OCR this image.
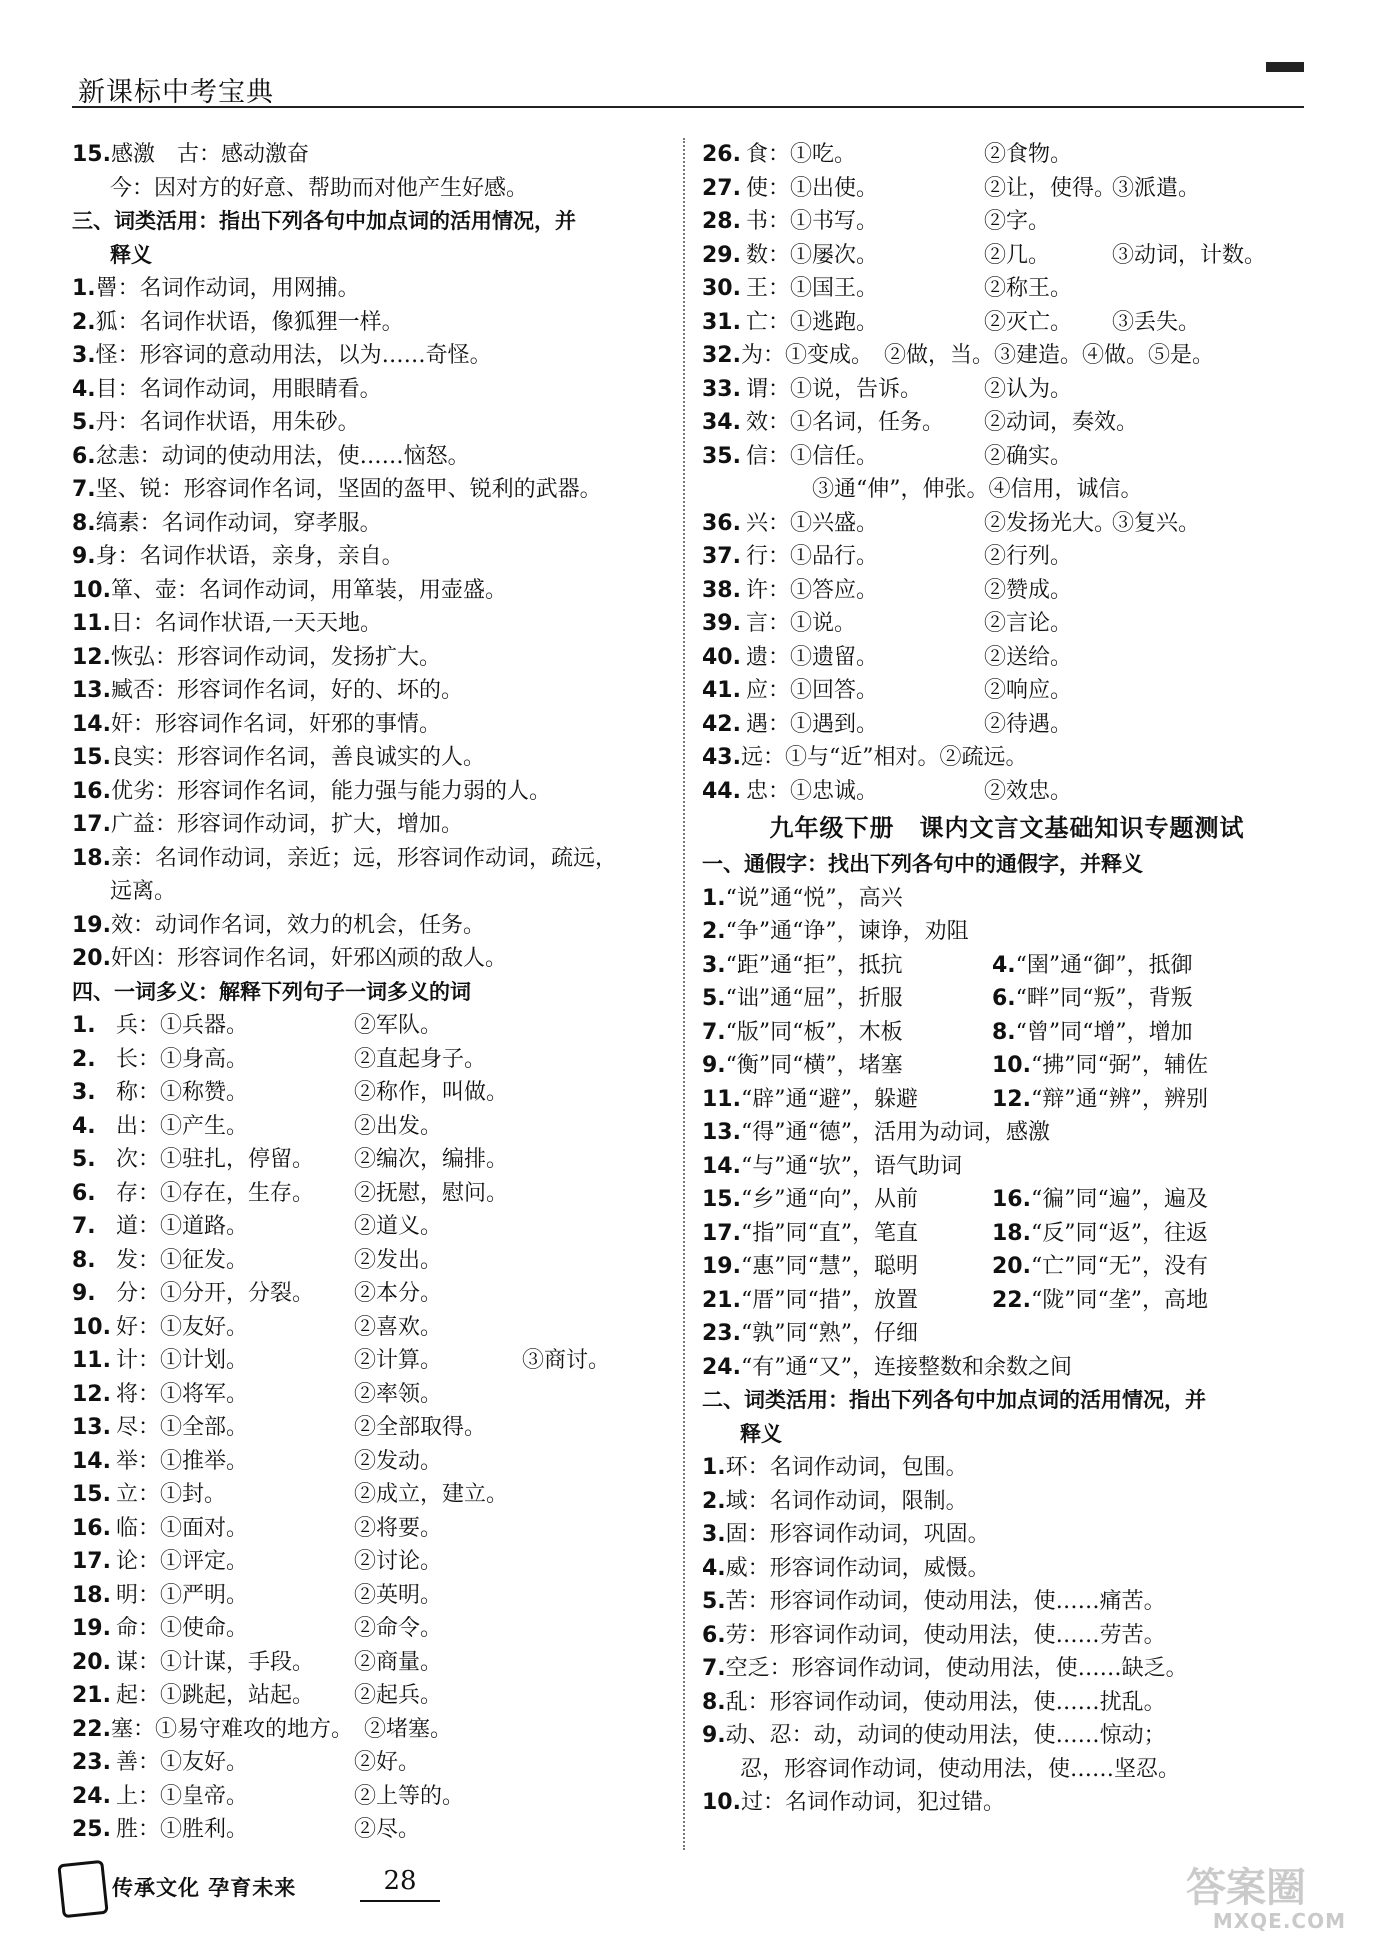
新课标中考宝典
15.感激　古：感动激奋
今：因对方的好意、帮助而对他产生好感。
三、词类活用：指出下列各句中加点词的活用情况，并
释义
1.罾：名词作动词，用网捕。
2.狐：名词作状语，像狐狸一样。
3.怪：形容词的意动用法，以为……奇怪。
4.目：名词作动词，用眼睛看。
5.丹：名词作状语，用朱砂。
6.忿恚：动词的使动用法，使……恼怒。
7.坚、锐：形容词作名词，坚固的盔甲、锐利的武器。
8.缟素：名词作动词，穿孝服。
9.身：名词作状语，亲身，亲自。
10.箪、壶：名词作动词，用箪装，用壶盛。
11.日：名词作状语,一天天地。
12.恢弘：形容词作动词，发扬扩大。
13.臧否：形容词作名词，好的、坏的。
14.奸：形容词作名词，奸邪的事情。
15.良实：形容词作名词，善良诚实的人。
16.优劣：形容词作名词，能力强与能力弱的人。
17.广益：形容词作动词，扩大，增加。
18.亲：名词作动词，亲近；远，形容词作动词，疏远，
远离。
19.效：动词作名词，效力的机会，任务。
20.奸凶：形容词作名词，奸邪凶顽的敌人。
四、一词多义：解释下列句子一词多义的词
1. 兵：①兵器。	②军队。
2. 长：①身高。	②直起身子。
3. 称：①称赞。	②称作，叫做。
4. 出：①产生。	②出发。
5. 次：①驻扎，停留。 ②编次，编排。
6. 存：①存在，生存。 ②抚慰，慰问。
7. 道：①道路。	②道义。
8. 发：①征发。	②发出。
9. 分：①分开，分裂。 ②本分。
10. 好：①友好。	②喜欢。
11. 计：①计划。	②计算。	③商讨。
12. 将：①将军。	②率领。
13. 尽：①全部。	②全部取得。
14. 举：①推举。	②发动。
15. 立：①封。	②成立，建立。
16. 临：①面对。	②将要。
17. 论：①评定。	②讨论。
18. 明：①严明。	②英明。
19. 命：①使命。	②命令。
20. 谋：①计谋，手段。 ②商量。
21. 起：①跳起，站起。 ②起兵。
22.塞：①易守难攻的地方。　②堵塞。
23. 善：①友好。	②好。
24. 上：①皇帝。	②上等的。
25. 胜：①胜利。	②尽。
26. 食：①吃。	②食物。
27. 使：①出使。	②让，使得。
③派遣。
28. 书：①书写。	②字。
29. 数：①屡次。	②几。	③动词，计数。
30. 王：①国王。	②称王。
31. 亡：①逃跑。	②灭亡。 ③丢失。
32.为：①变成。　②做，当。③建造。④做。⑤是。
33. 谓：①说，告诉。	②认为。
34. 效：①名词，任务。 ②动词，奏效。
35. 信：①信任。	②确实。
③通“伸”，伸张。④信用，诚信。
36. 兴：①兴盛。	②发扬光大。
③复兴。
37. 行：①品行。	②行列。
38. 许：①答应。	②赞成。
39. 言：①说。	②言论。
40. 遗：①遗留。	②送给。
41. 应：①回答。	②响应。
42. 遇：①遇到。	②待遇。
43.远：①与“近”相对。②疏远。
44. 忠：①忠诚。	②效忠。
九年级下册　课内文言文基础知识专题测试
一、通假字：找出下列各句中的通假字，并释义
1.“说”通“悦”，高兴
2.“争”通“诤”，谏诤，劝阻
3.“距”通“拒”，抵抗	4.“圉”通“御”，抵御
5.“诎”通“屈”，折服	6.“畔”同“叛”，背叛
7.“版”同“板”，木板	8.“曾”同“增”，增加
9.“衡”同“横”，堵塞	10.“拂”同“弼”，辅佐
11.“辟”通“避”，躲避	12.“辩”通“辨”，辨别
13.“得”通“德”，活用为动词，感激
14.“与”通“欤”，语气助词
15.“乡”通“向”，从前	16.“徧”同“遍”，遍及
17.“指”同“直”，笔直	18.“反”同“返”，往返
19.“惠”同“慧”，聪明	20.“亡”同“无”，没有
21.“厝”同“措”，放置	22.“陇”同“垄”，高地
23.“孰”同“熟”，仔细
24.“有”通“又”，连接整数和余数之间
二、词类活用：指出下列各句中加点词的活用情况，并
释义
1.环：名词作动词，包围。
2.域：名词作动词，限制。
3.固：形容词作动词，巩固。
4.威：形容词作动词，威慑。
5.苦：形容词作动词，使动用法，使……痛苦。
6.劳：形容词作动词，使动用法，使……劳苦。
7.空乏：形容词作动词，使动用法，使……缺乏。
8.乱：形容词作动词，使动用法，使……扰乱。
9.动、忍：动，动词的使动用法，使……惊动；
忍，形容词作动词，使动用法，使……坚忍。
10.过：名词作动词，犯过错。
传承文化 孕育未来	28	答案圈
MXQE.COM
